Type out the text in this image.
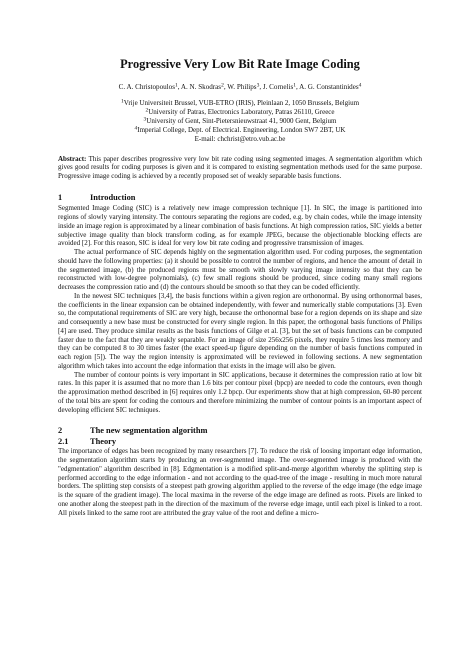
Progressive Very Low Bit Rate Image Coding
C. A. Christopoulos$^1$, A. N. Skodras$^2$, W. Philips$^3$, J. Cornelis$^1$, A. G. Constantinides$^4$
$^1$Vrije Universiteit Brussel, VUB-ETRO (IRIS), Pleinlaan 2, 1050 Brussels, Belgium
$^2$University of Patras, Electronics Laboratory, Patras 26110, Greece
$^3$University of Gent, Sint-Pietersnieuwstraat 41, 9000 Gent, Belgium
$^4$Imperial College, Dept. of Electrical. Engineering, London SW7 2BT, UK
E-mail: chchrist@etro.vub.ac.be
Abstract: This paper describes progressive very low bit rate coding using segmented images. A segmentation algorithm which gives good results for coding purposes is given and it is compared to existing segmentation methods used for the same purpose. Progressive image coding is achieved by a recently proposed set of weakly separable basis functions.
1	Introduction

Segmented Image Coding (SIC) is a relatively new image compression technique [1]. In SIC, the image is partitioned into regions of slowly varying intensity. The contours separating the regions are coded, e.g. by chain codes, while the image intensity inside an image region is approximated by a linear combination of basis functions. At high compression ratios, SIC yields a better subjective image quality than block transform coding, as for example JPEG, because the objectionable blocking effects are avoided [2]. For this reason, SIC is ideal for very low bit rate coding and progressive transmission of images.

The actual performance of SIC depends highly on the segmentation algorithm used. For coding purposes, the segmentation should have the following properties: (a) it should be possible to control the number of regions, and hence the amount of detail in the segmented image, (b) the produced regions must be smooth with slowly varying image intensity so that they can be reconstructed with low-degree polynomials), (c) few small regions should be produced, since coding many small regions decreases the compression ratio and (d) the contours should be smooth so that they can be coded efficiently.

In the newest SIC techniques [3,4], the basis functions within a given region are orthonormal. By using orthonormal bases, the coefficients in the linear expansion can be obtained independently, with fewer and numerically stable computations [3]. Even so, the computational requirements of SIC are very high, because the orthonormal base for a region depends on its shape and size and consequently a new base must be constructed for every single region. In this paper, the orthogonal basis functions of Philips [4] are used. They produce similar results as the basis functions of Gilge et al. [3], but the set of basis functions can be computed faster due to the fact that they are weakly separable. For an image of size 256x256 pixels, they require 5 times less memory and they can be computed 8 to 30 times faster (the exact speed-up figure depending on the number of basis functions computed in each region [5]). The way the region intensity is approximated will be reviewed in following sections. A new segmentation algorithm which takes into account the edge information that exists in the image will also be given.

The number of contour points is very important in SIC applications, because it determines the compression ratio at low bit rates. In this paper it is assumed that no more than 1.6 bits per contour pixel (bpcp) are needed to code the contours, even though the approximation method described in [6] requires only 1.2 bpcp. Our experiments show that at high compression, 60-80 percent of the total bits are spent for coding the contours and therefore minimizing the number of contour points is an important aspect of developing efficient SIC techniques.

2	The new segmentation algorithm
2.1	Theory

The importance of edges has been recognized by many researchers [7]. To reduce the risk of loosing important edge information, the segmentation algorithm starts by producing an over-segmented image. The over-segmented image is produced with the "edgmentation" algorithm described in [8]. Edgmentation is a modified split-and-merge algorithm whereby the splitting step is performed according to the edge information - and not according to the quad-tree of the image - resulting in much more natural borders. The splitting step consists of a steepest path growing algorithm applied to the reverse of the edge image (the edge image is the square of the gradient image). The local maxima in the reverse of the edge image are defined as roots. Pixels are linked to one another along the steepest path in the direction of the maximum of the reverse edge image, until each pixel is linked to a root. All pixels linked to the same root are attributed the gray value of the root and define a micro-
